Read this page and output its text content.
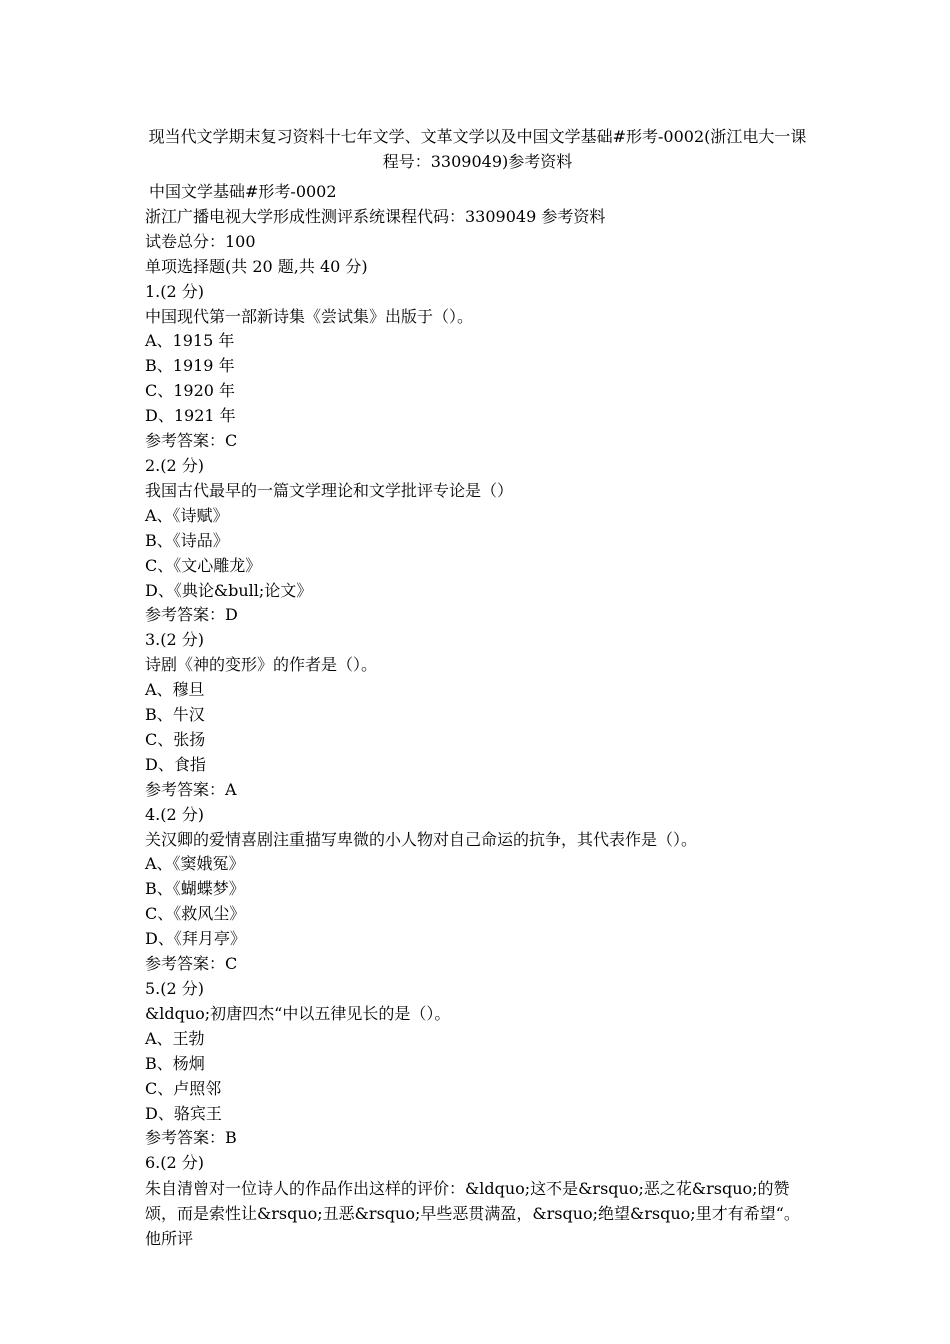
现当代文学期末复习资料十七年文学、文革文学以及中国文学基础#形考-0002(浙江电大一课程号：3309049)参考资料
中国文学基础#形考-0002
浙江广播电视大学形成性测评系统课程代码：3309049 参考资料
试卷总分：100
单项选择题(共 20 题,共 40 分)
1.(2 分)
中国现代第一部新诗集《尝试集》出版于（）。
A、1915 年
B、1919 年
C、1920 年
D、1921 年
参考答案：C
2.(2 分)
我国古代最早的一篇文学理论和文学批评专论是（）
A、《诗赋》
B、《诗品》
C、《文心雕龙》
D、《典论&bull;论文》
参考答案：D
3.(2 分)
诗剧《神的变形》的作者是（）。
A、穆旦
B、牛汉
C、张扬
D、食指
参考答案：A
4.(2 分)
关汉卿的爱情喜剧注重描写卑微的小人物对自己命运的抗争，其代表作是（）。
A、《窦娥冤》
B、《蝴蝶梦》
C、《救风尘》
D、《拜月亭》
参考答案：C
5.(2 分)
&ldquo;初唐四杰“中以五律见长的是（）。
A、王勃
B、杨炯
C、卢照邻
D、骆宾王
参考答案：B
6.(2 分)
朱自清曾对一位诗人的作品作出这样的评价：&ldquo;这不是&rsquo;恶之花&rsquo;的赞颂，而是索性让&rsquo;丑恶&rsquo;早些恶贯满盈，&rsquo;绝望&rsquo;里才有希望“。他所评
